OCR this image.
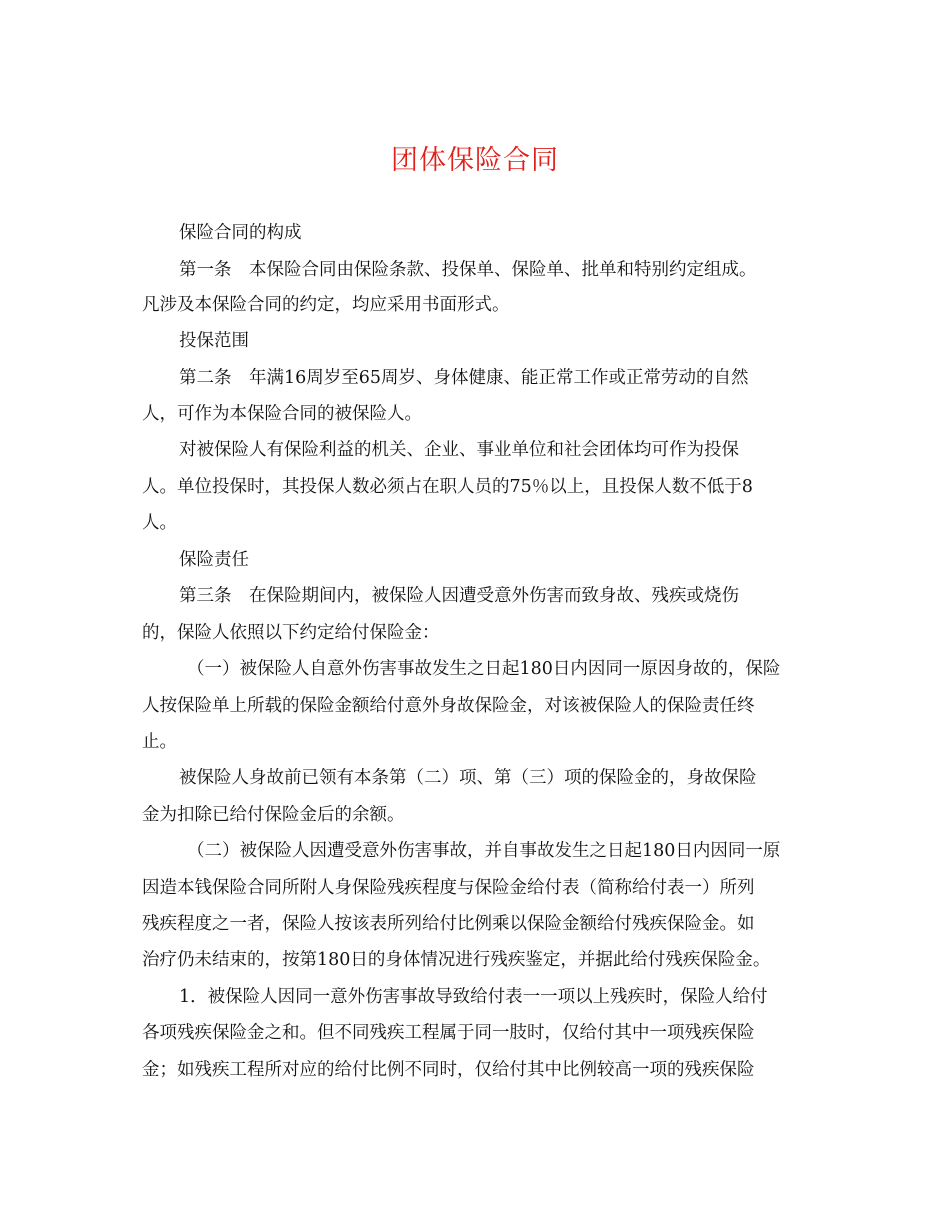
团体保险合同

保险合同的构成

第一条　本保险合同由保险条款、投保单、保险单、批单和特别约定组成。

凡涉及本保险合同的约定，均应采用书面形式。

投保范围

第二条　年满16周岁至65周岁、身体健康、能正常工作或正常劳动的自然

人，可作为本保险合同的被保险人。

对被保险人有保险利益的机关、企业、事业单位和社会团体均可作为投保

人。单位投保时，其投保人数必须占在职人员的75％以上，且投保人数不低于8

人。

保险责任

第三条　在保险期间内，被保险人因遭受意外伤害而致身故、残疾或烧伤

的，保险人依照以下约定给付保险金：

（一）被保险人自意外伤害事故发生之日起180日内因同一原因身故的，保险

人按保险单上所载的保险金额给付意外身故保险金，对该被保险人的保险责任终

止。

被保险人身故前已领有本条第（二）项、第（三）项的保险金的，身故保险

金为扣除已给付保险金后的余额。

（二）被保险人因遭受意外伤害事故，并自事故发生之日起180日内因同一原

因造本钱保险合同所附人身保险残疾程度与保险金给付表（简称给付表一）所列

残疾程度之一者，保险人按该表所列给付比例乘以保险金额给付残疾保险金。如

治疗仍未结束的，按第180日的身体情况进行残疾鉴定，并据此给付残疾保险金。

1．被保险人因同一意外伤害事故导致给付表一一项以上残疾时，保险人给付

各项残疾保险金之和。但不同残疾工程属于同一肢时，仅给付其中一项残疾保险

金；如残疾工程所对应的给付比例不同时，仅给付其中比例较高一项的残疾保险
